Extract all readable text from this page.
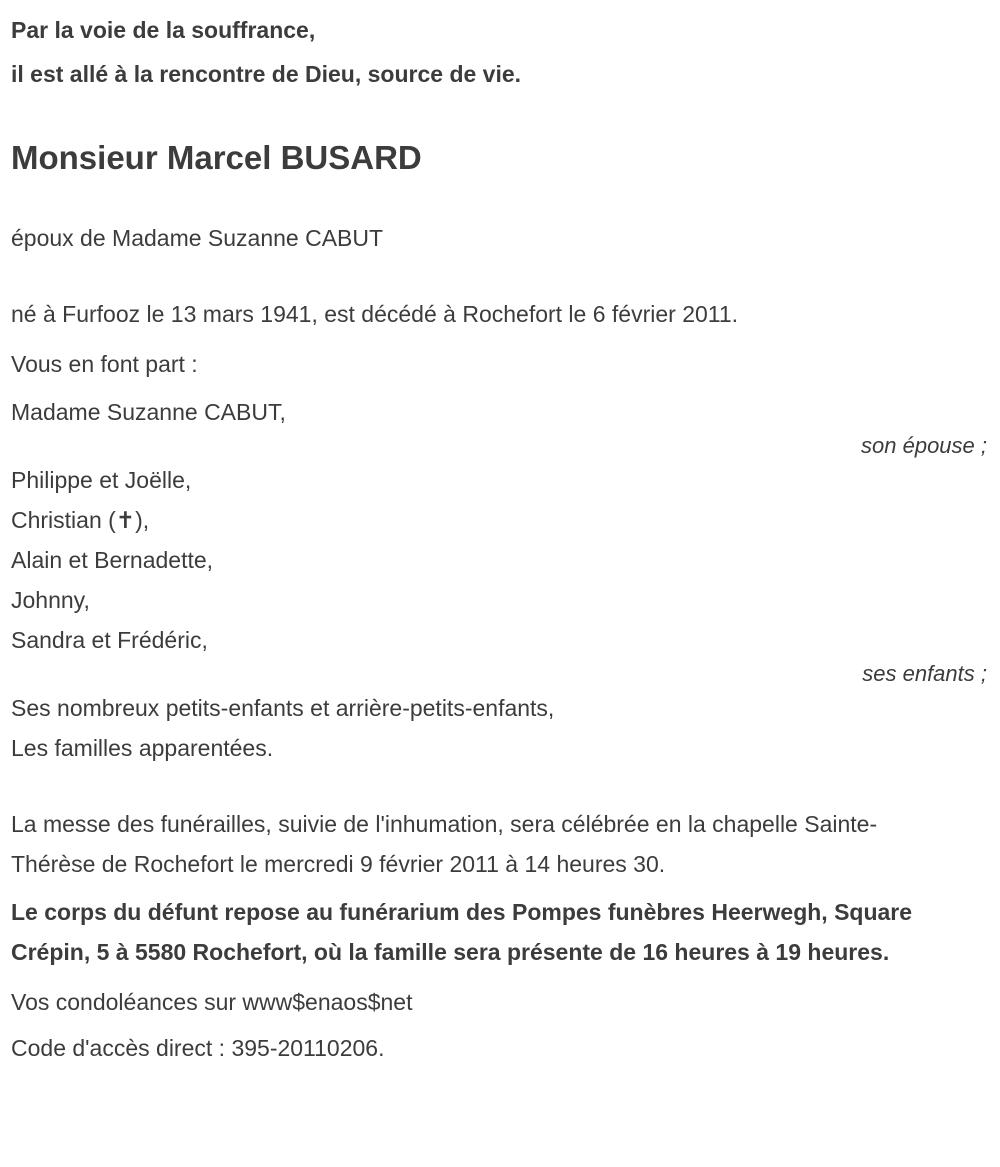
Par la voie de la souffrance,

il est allé à la rencontre de Dieu, source de vie.

Monsieur Marcel BUSARD

époux de Madame Suzanne CABUT

né à Furfooz le 13 mars 1941, est décédé à Rochefort le 6 février 2011.

Vous en font part :

Madame Suzanne CABUT,

son épouse ;

Philippe et Joëlle,

Christian (✝),

Alain et Bernadette,

Johnny,

Sandra et Frédéric,

ses enfants ;

Ses nombreux petits-enfants et arrière-petits-enfants,

Les familles apparentées.

La messe des funérailles, suivie de l'inhumation, sera célébrée en la chapelle Sainte-Thérèse de Rochefort le mercredi 9 février 2011 à 14 heures 30.

Le corps du défunt repose au funérarium des Pompes funèbres Heerwegh, Square Crépin, 5 à 5580 Rochefort, où la famille sera présente de 16 heures à 19 heures.

Vos condoléances sur www$enaos$net

Code d'accès direct : 395-20110206.
